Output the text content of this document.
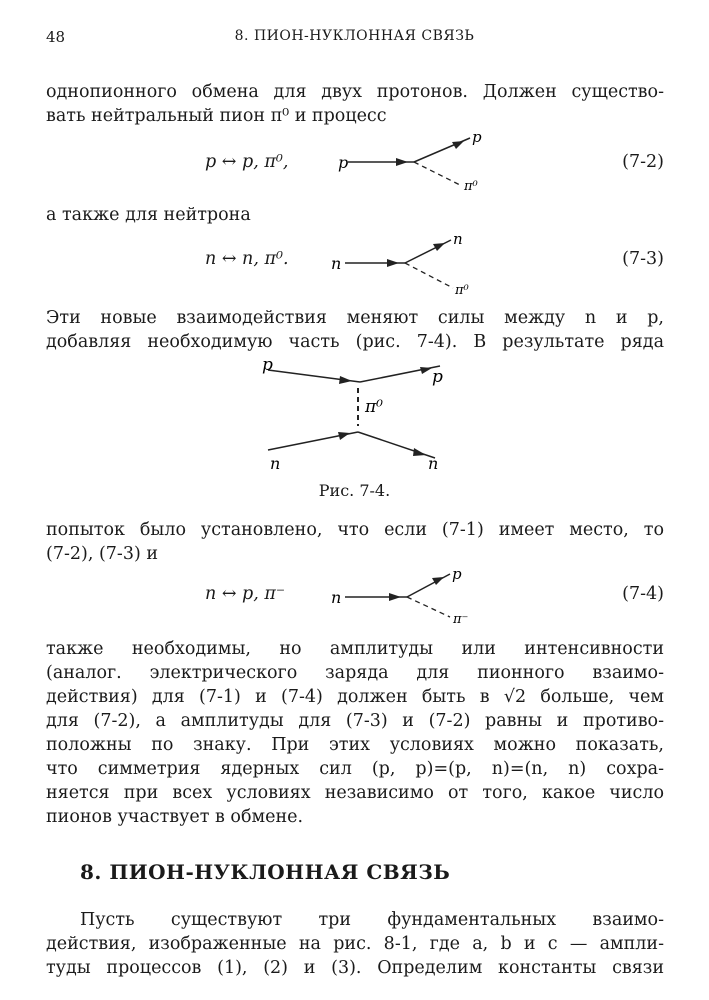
48	8. ПИОН-НУКЛОННАЯ СВЯЗЬ
однопионного обмена для двух протонов. Должен существо-
вать нейтральный пион π⁰ и процесс
p ↔ p, π⁰,	p
p
π⁰
(7-2)
а также для нейтрона
n ↔ n, π⁰.	n
n
π⁰
(7-3)
Эти новые взаимодействия меняют силы между n и p,
добавляя необходимую часть (рис. 7-4). В результате ряда
p
p
π⁰
n	n
Рис. 7-4.
попыток было установлено, что если (7-1) имеет место, то
(7-2), (7-3) и
n ↔ p, π⁻	n
p
π⁻
(7-4)
также необходимы, но амплитуды или интенсивности
(аналог. электрического заряда для пионного взаимо-
действия) для (7-1) и (7-4) должен быть в √2 больше, чем
для (7-2), а амплитуды для (7-3) и (7-2) равны и противо-
положны по знаку. При этих условиях можно показать,
что симметрия ядерных сил (p, p)=(p, n)=(n, n) сохра-
няется при всех условиях независимо от того, какое число
пионов участвует в обмене.
8. ПИОН-НУКЛОННАЯ СВЯЗЬ
Пусть существуют три фундаментальных взаимо-
действия, изображенные на рис. 8-1, где a, b и c — ампли-
туды процессов (1), (2) и (3). Определим константы связи
